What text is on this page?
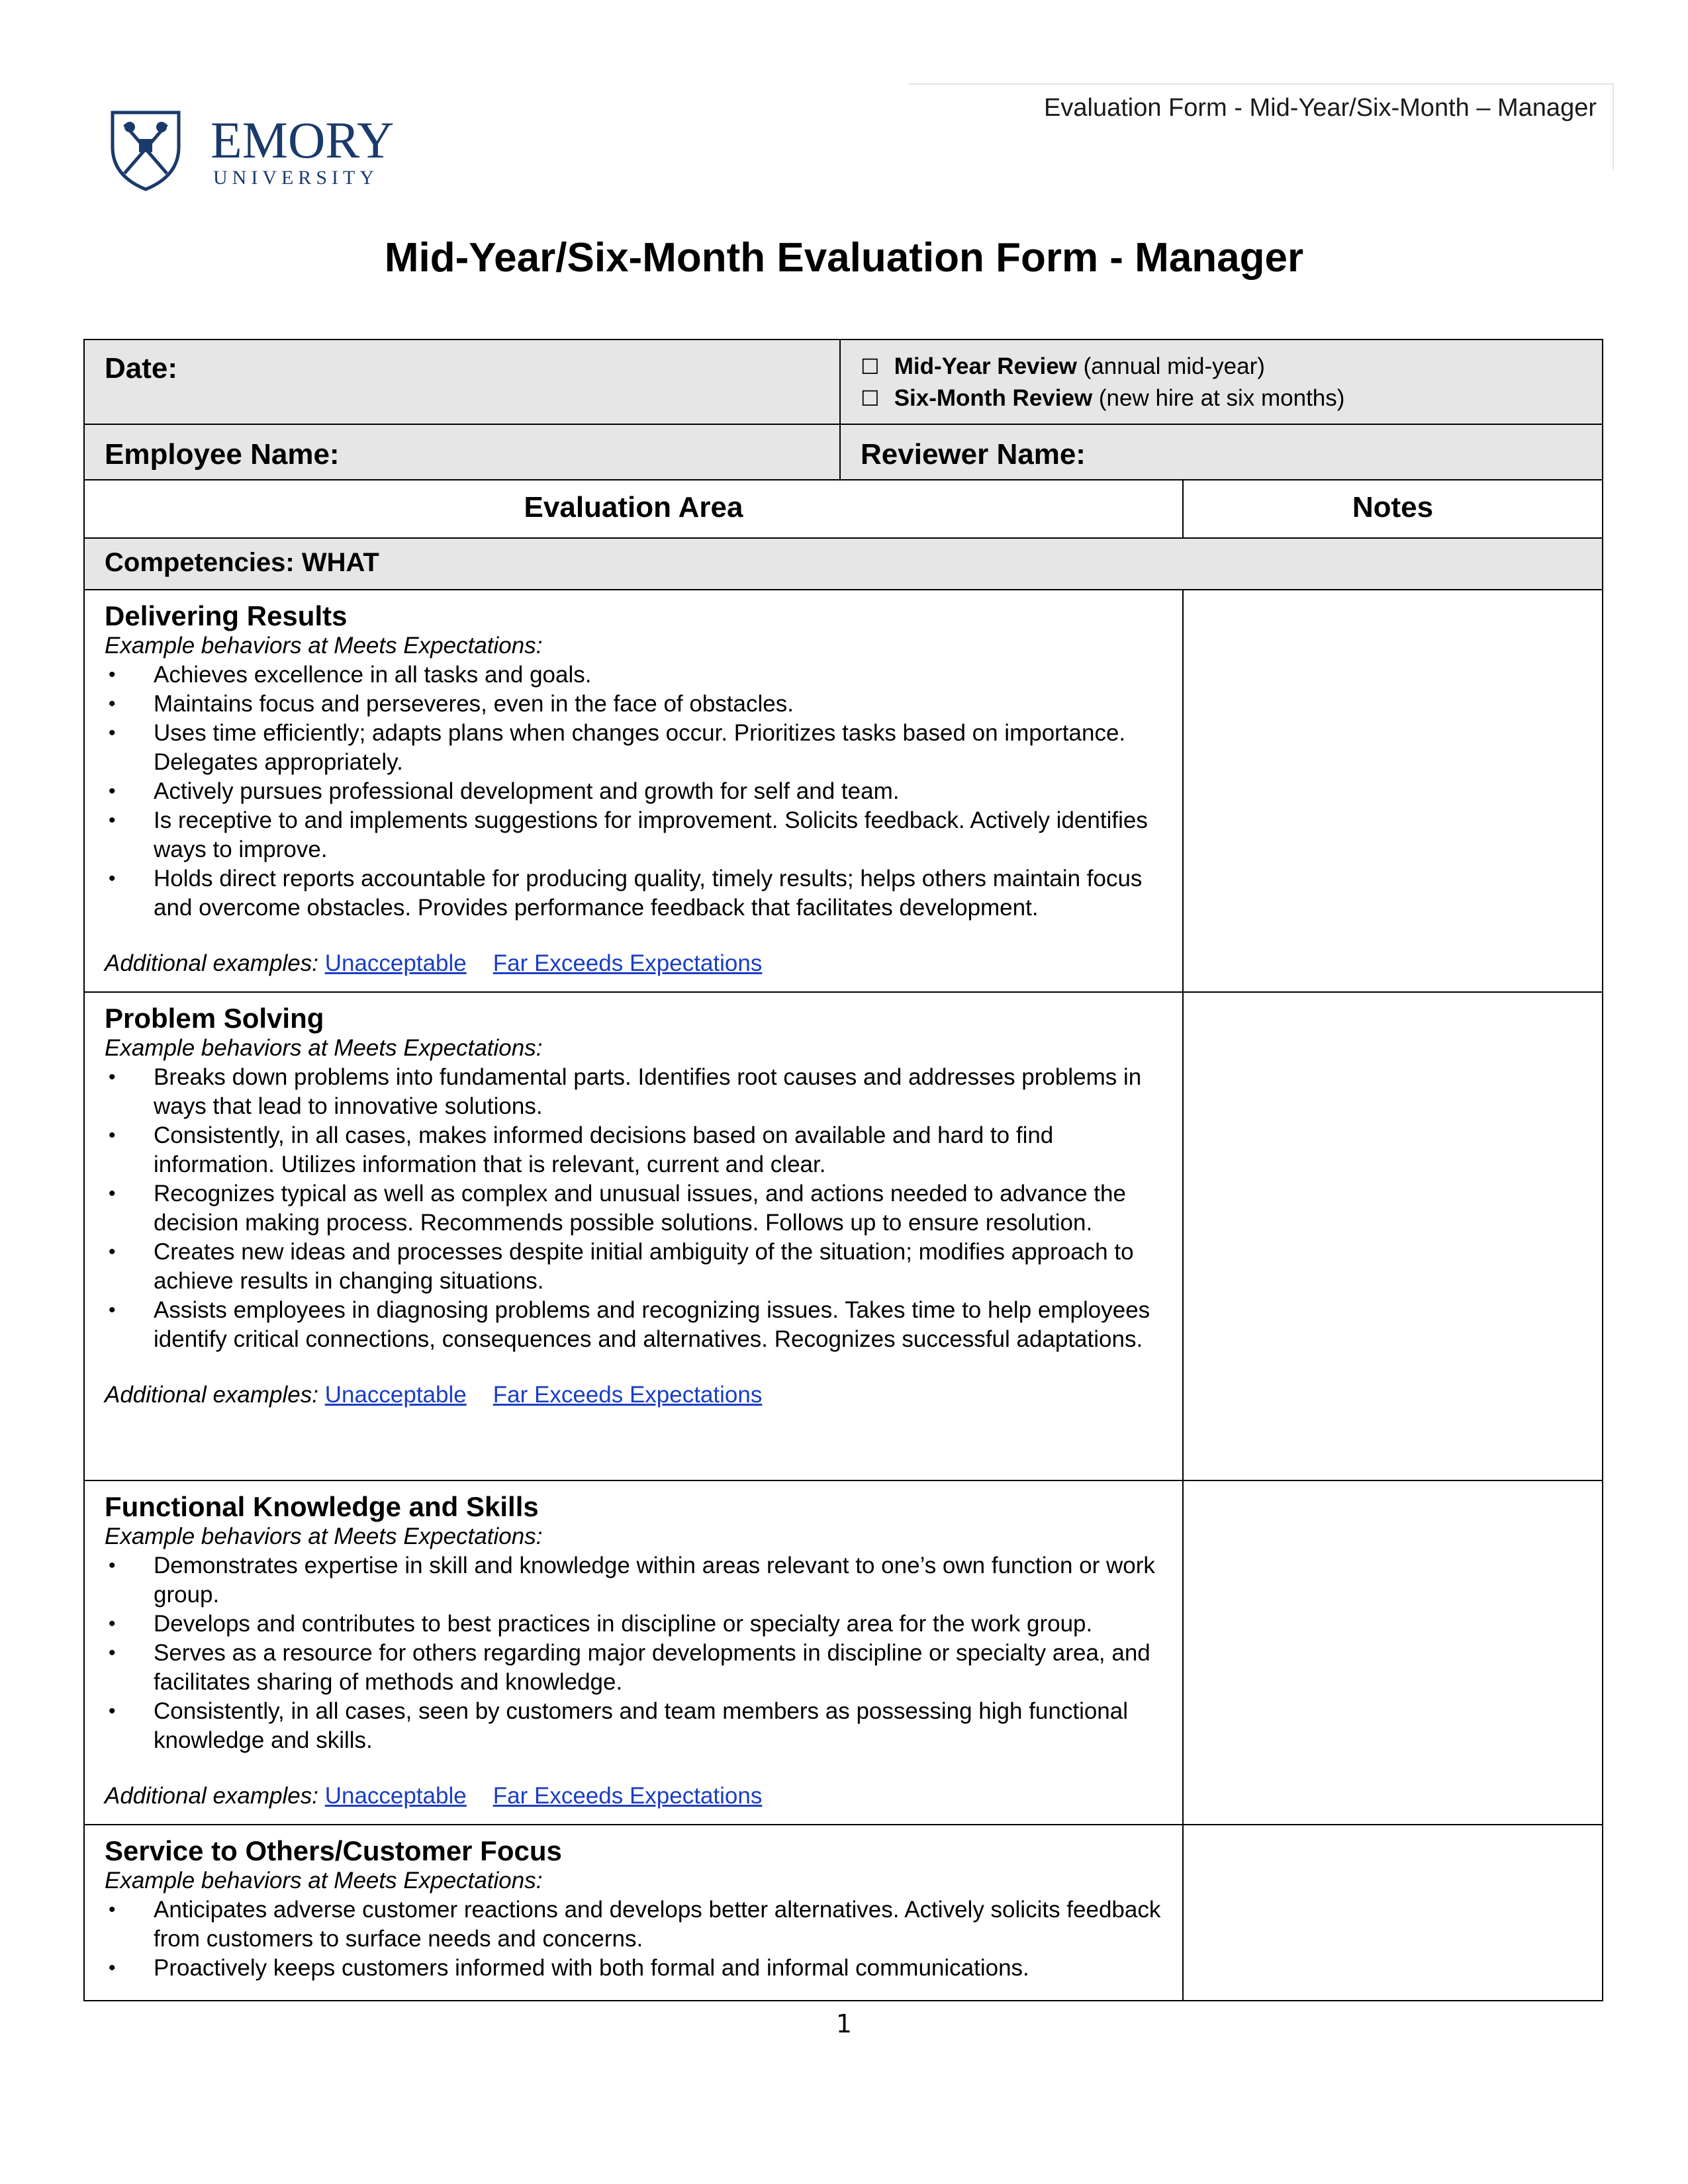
Evaluation Form - Mid-Year/Six-Month – Manager
EMORY
UNIVERSITY
Mid-Year/Six-Month Evaluation Form - Manager
Date:
Employee Name:	Reviewer Name:
☐ Mid-Year Review (annual mid-year)
☐ Six-Month Review (new hire at six months)
Evaluation Area	Notes
Competencies: WHAT
Delivering Results
Example behaviors at Meets Expectations:
• Achieves excellence in all tasks and goals.
• Maintains focus and perseveres, even in the face of obstacles.
• Uses time efficiently; adapts plans when changes occur. Prioritizes tasks based on importance. Delegates appropriately.
• Actively pursues professional development and growth for self and team.
• Is receptive to and implements suggestions for improvement. Solicits feedback. Actively identifies ways to improve.
• Holds direct reports accountable for producing quality, timely results; helps others maintain focus and overcome obstacles. Provides performance feedback that facilitates development.
Additional examples: Unacceptable Far Exceeds Expectations
Problem Solving
Example behaviors at Meets Expectations:
• Breaks down problems into fundamental parts. Identifies root causes and addresses problems in ways that lead to innovative solutions.
• Consistently, in all cases, makes informed decisions based on available and hard to find information. Utilizes information that is relevant, current and clear.
• Recognizes typical as well as complex and unusual issues, and actions needed to advance the decision making process. Recommends possible solutions. Follows up to ensure resolution.
• Creates new ideas and processes despite initial ambiguity of the situation; modifies approach to achieve results in changing situations.
• Assists employees in diagnosing problems and recognizing issues. Takes time to help employees identify critical connections, consequences and alternatives. Recognizes successful adaptations.
Additional examples: Unacceptable Far Exceeds Expectations
Functional Knowledge and Skills
Example behaviors at Meets Expectations:
• Demonstrates expertise in skill and knowledge within areas relevant to one’s own function or work group.
• Develops and contributes to best practices in discipline or specialty area for the work group.
• Serves as a resource for others regarding major developments in discipline or specialty area, and facilitates sharing of methods and knowledge.
• Consistently, in all cases, seen by customers and team members as possessing high functional knowledge and skills.
Additional examples: Unacceptable Far Exceeds Expectations
Service to Others/Customer Focus
Example behaviors at Meets Expectations:
• Anticipates adverse customer reactions and develops better alternatives. Actively solicits feedback from customers to surface needs and concerns.
• Proactively keeps customers informed with both formal and informal communications.
1
